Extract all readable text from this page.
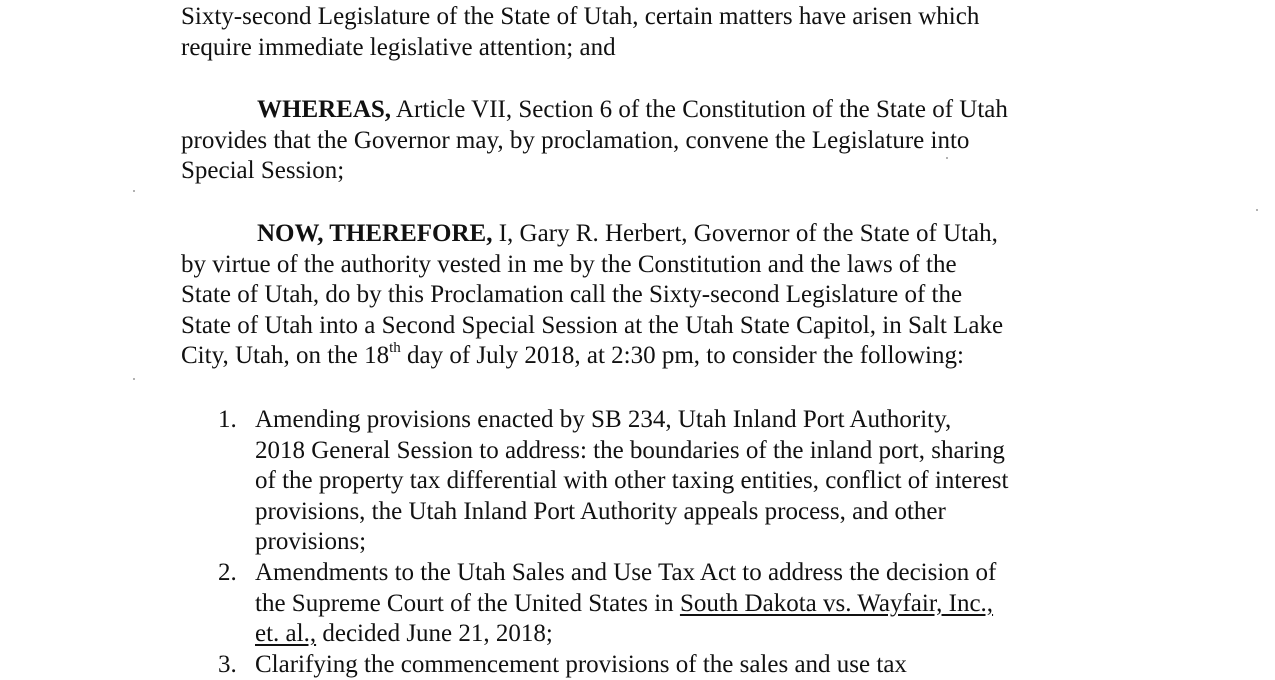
Sixty-second Legislature of the State of Utah, certain matters have arisen which
require immediate legislative attention; and

WHEREAS, Article VII, Section 6 of the Constitution of the State of Utah
provides that the Governor may, by proclamation, convene the Legislature into
Special Session;

NOW, THEREFORE, I, Gary R. Herbert, Governor of the State of Utah,
by virtue of the authority vested in me by the Constitution and the laws of the
State of Utah, do by this Proclamation call the Sixty-second Legislature of the
State of Utah into a Second Special Session at the Utah State Capitol, in Salt Lake
City, Utah, on the 18th day of July 2018, at 2:30 pm, to consider the following:

1. Amending provisions enacted by SB 234, Utah Inland Port Authority,
2018 General Session to address: the boundaries of the inland port, sharing
of the property tax differential with other taxing entities, conflict of interest
provisions, the Utah Inland Port Authority appeals process, and other
provisions;
2. Amendments to the Utah Sales and Use Tax Act to address the decision of
the Supreme Court of the United States in South Dakota vs. Wayfair, Inc.,
et. al., decided June 21, 2018;
3. Clarifying the commencement provisions of the sales and use tax
